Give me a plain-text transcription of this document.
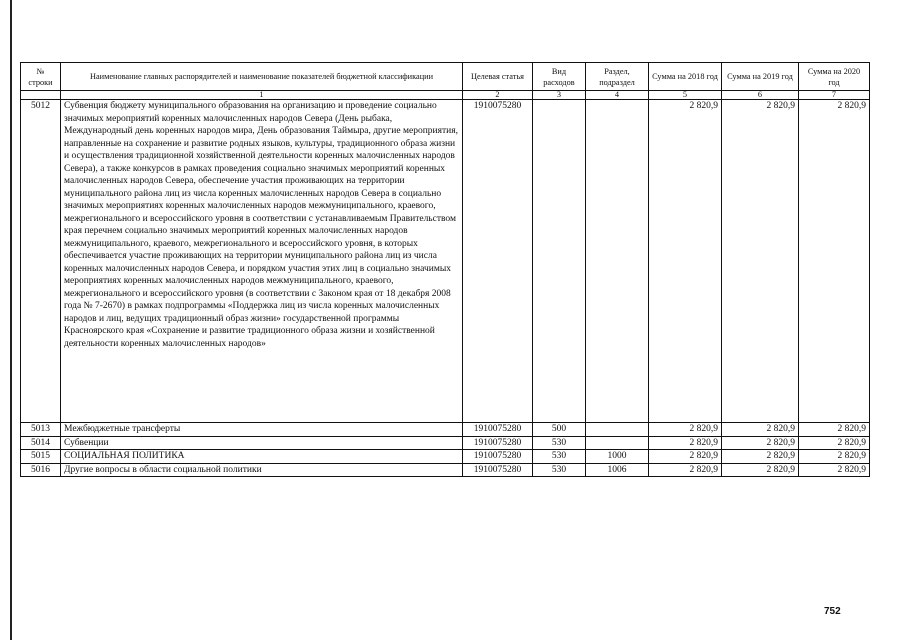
№ строки	Наименование главных распорядителей и наименование показателей бюджетной классификации	Целевая статья	Вид расходов	Раздел, подраздел	Сумма на 2018 год	Сумма на 2019 год	Сумма на 2020 год
	1	2	3	4	5	6	7
5012	Субвенция бюджету муниципального образования на организацию и проведение социально значимых мероприятий коренных малочисленных народов Севера (День рыбака, Международный день коренных народов мира, День образования Таймыра, другие мероприятия, направленные на сохранение и развитие родных языков, культуры, традиционного образа жизни и осуществления традиционной хозяйственной деятельности коренных малочисленных народов Севера), а также конкурсов в рамках проведения социально значимых мероприятий коренных малочисленных народов Севера, обеспечение участия проживающих на территории муниципального района лиц из числа коренных малочисленных народов Севера в социально значимых мероприятиях коренных малочисленных народов межмуниципального, краевого, межрегионального и всероссийского уровня в соответствии с устанавливаемым Правительством края перечнем социально значимых мероприятий коренных малочисленных народов межмуниципального, краевого, межрегионального и всероссийского уровня, в которых обеспечивается участие проживающих на территории муниципального района лиц из числа коренных малочисленных народов Севера, и порядком участия этих лиц в социально значимых мероприятиях коренных малочисленных народов межмуниципального, краевого, межрегионального и всероссийского уровня (в соответствии с Законом края от 18 декабря 2008 года № 7-2670) в рамках подпрограммы «Поддержка лиц из числа коренных малочисленных народов и лиц, ведущих традиционный образ жизни» государственной программы Красноярского края «Сохранение и развитие традиционного образа жизни и хозяйственной деятельности коренных малочисленных народов»	1910075280			2 820,9	2 820,9	2 820,9
5013	Межбюджетные трансферты	1910075280	500		2 820,9	2 820,9	2 820,9
5014	Субвенции	1910075280	530		2 820,9	2 820,9	2 820,9
5015	СОЦИАЛЬНАЯ ПОЛИТИКА	1910075280	530	1000	2 820,9	2 820,9	2 820,9
5016	Другие вопросы в области социальной политики	1910075280	530	1006	2 820,9	2 820,9	2 820,9
752
